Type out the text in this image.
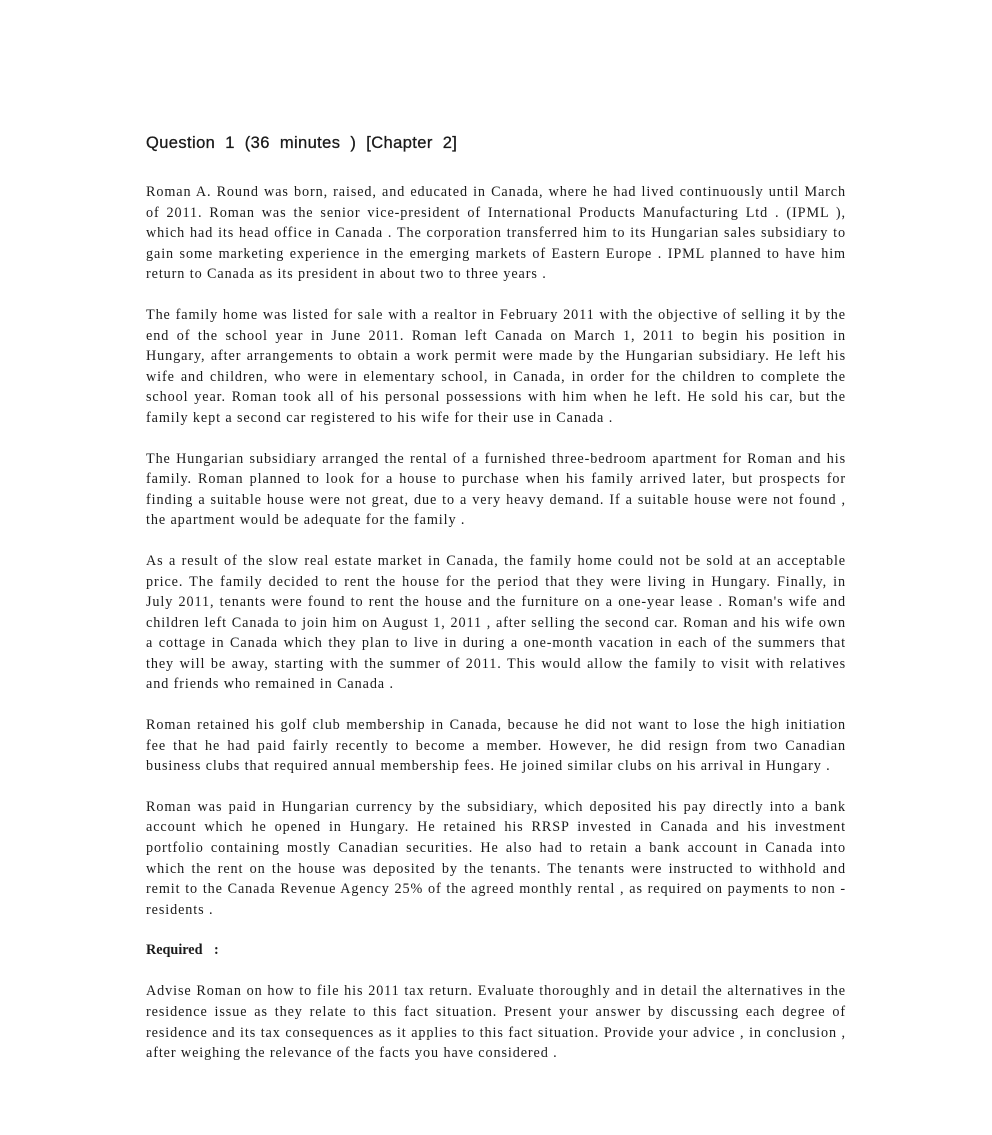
Question 1 (36 minutes ) [Chapter 2]

Roman A. Round was born, raised, and educated in Canada, where he had lived continuously until March of 2011. Roman was the senior vice-president of International Products Manufacturing Ltd . (IPML ), which had its head office in Canada . The corporation transferred him to its Hungarian sales subsidiary to gain some marketing experience in the emerging markets of Eastern Europe . IPML planned to have him return to Canada as its president in about two to three years .

The family home was listed for sale with a realtor in February 2011 with the objective of selling it by the end of the school year in June 2011. Roman left Canada on March 1, 2011 to begin his position in Hungary, after arrangements to obtain a work permit were made by the Hungarian subsidiary. He left his wife and children, who were in elementary school, in Canada, in order for the children to complete the school year. Roman took all of his personal possessions with him when he left. He sold his car, but the family kept a second car registered to his wife for their use in Canada .

The Hungarian subsidiary arranged the rental of a furnished three-bedroom apartment for Roman and his family. Roman planned to look for a house to purchase when his family arrived later, but prospects for finding a suitable house were not great, due to a very heavy demand. If a suitable house were not found , the apartment would be adequate for the family .

As a result of the slow real estate market in Canada, the family home could not be sold at an acceptable price. The family decided to rent the house for the period that they were living in Hungary. Finally, in July 2011, tenants were found to rent the house and the furniture on a one-year lease . Roman's wife and children left Canada to join him on August 1, 2011 , after selling the second car. Roman and his wife own a cottage in Canada which they plan to live in during a one-month vacation in each of the summers that they will be away, starting with the summer of 2011. This would allow the family to visit with relatives and friends who remained in Canada .

Roman retained his golf club membership in Canada, because he did not want to lose the high initiation fee that he had paid fairly recently to become a member. However, he did resign from two Canadian business clubs that required annual membership fees. He joined similar clubs on his arrival in Hungary .

Roman was paid in Hungarian currency by the subsidiary, which deposited his pay directly into a bank account which he opened in Hungary. He retained his RRSP invested in Canada and his investment portfolio containing mostly Canadian securities. He also had to retain a bank account in Canada into which the rent on the house was deposited by the tenants. The tenants were instructed to withhold and remit to the Canada Revenue Agency 25% of the agreed monthly rental , as required on payments to non -residents .

Required :

Advise Roman on how to file his 2011 tax return. Evaluate thoroughly and in detail the alternatives in the residence issue as they relate to this fact situation. Present your answer by discussing each degree of residence and its tax consequences as it applies to this fact situation. Provide your advice , in conclusion , after weighing the relevance of the facts you have considered .
